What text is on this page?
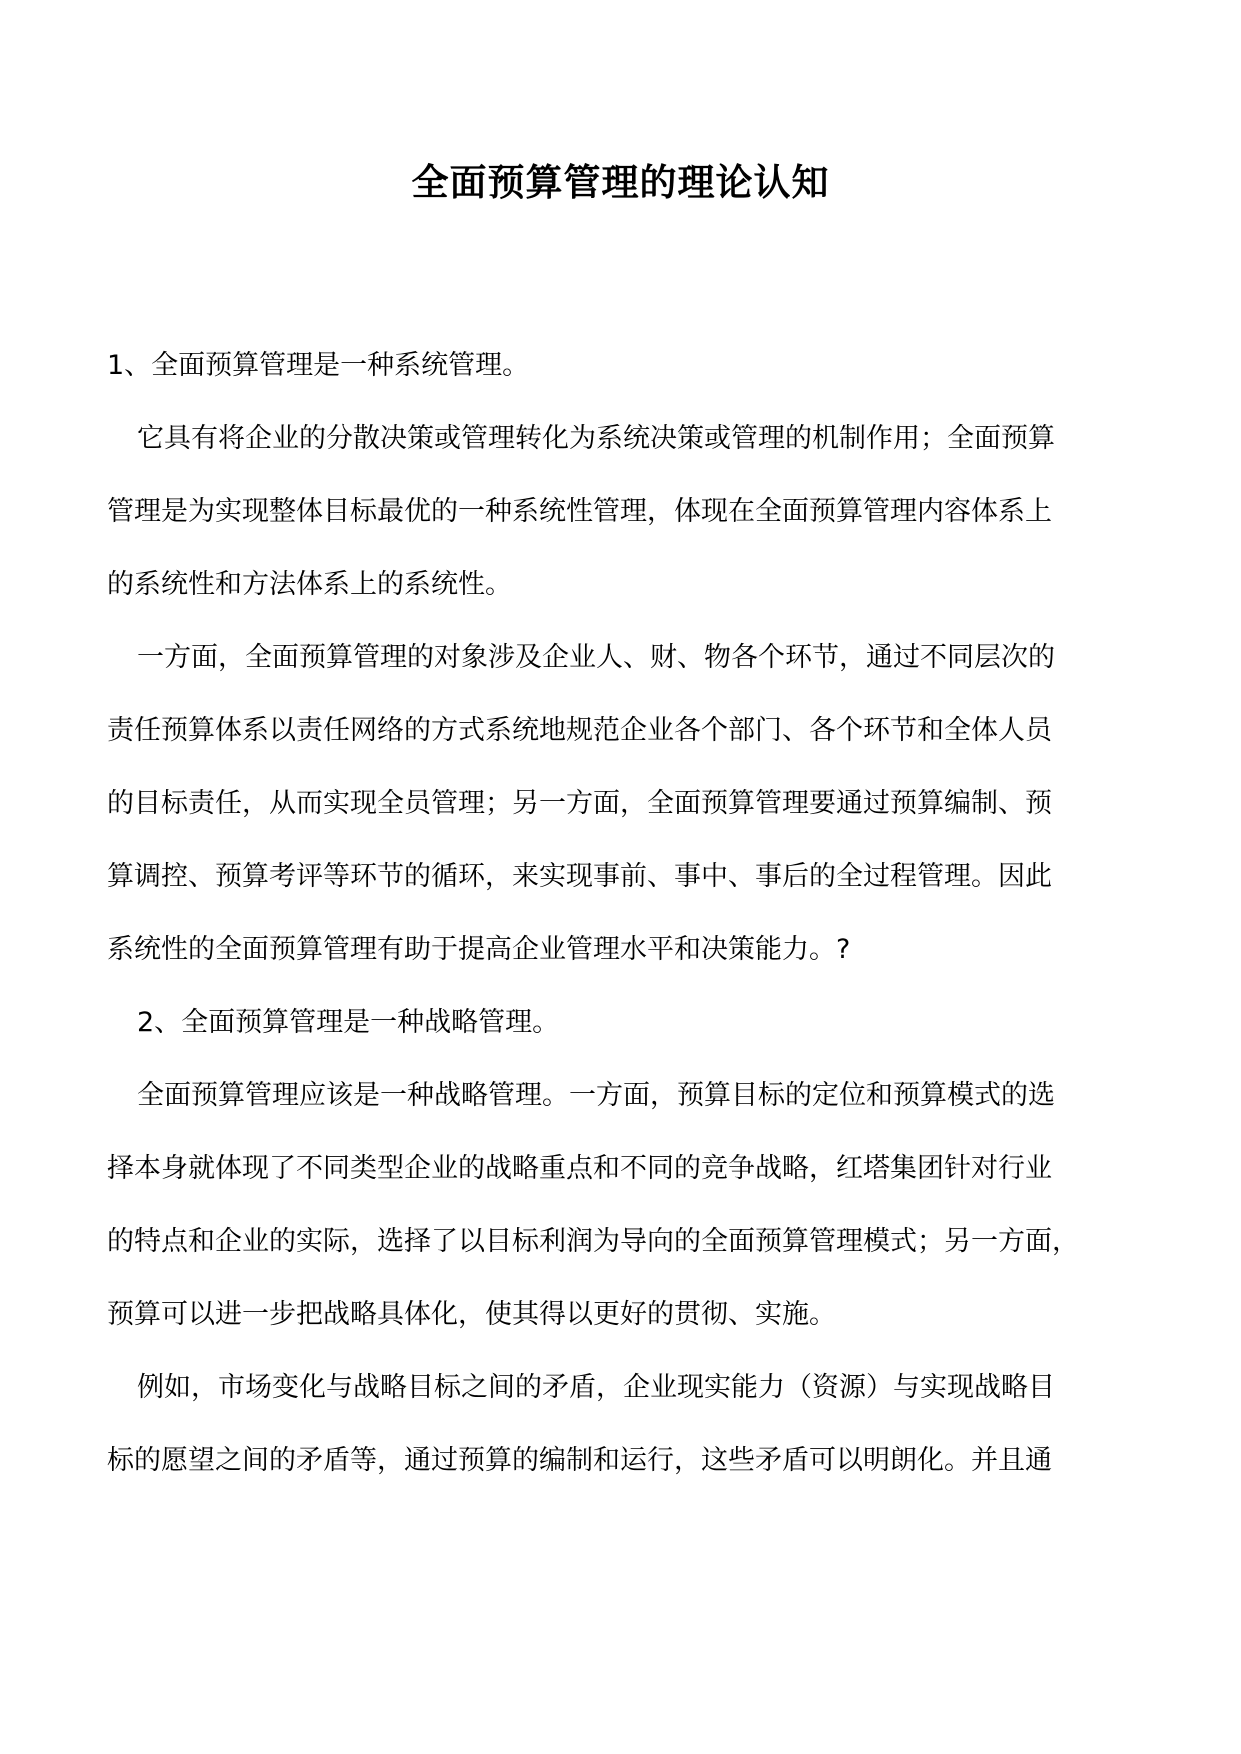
全面预算管理的理论认知

1、全面预算管理是一种系统管理。

它具有将企业的分散决策或管理转化为系统决策或管理的机制作用；全面预算

管理是为实现整体目标最优的一种系统性管理，体现在全面预算管理内容体系上

的系统性和方法体系上的系统性。

一方面，全面预算管理的对象涉及企业人、财、物各个环节，通过不同层次的

责任预算体系以责任网络的方式系统地规范企业各个部门、各个环节和全体人员

的目标责任，从而实现全员管理；另一方面，全面预算管理要通过预算编制、预

算调控、预算考评等环节的循环，来实现事前、事中、事后的全过程管理。因此

系统性的全面预算管理有助于提高企业管理水平和决策能力。?

2、全面预算管理是一种战略管理。

全面预算管理应该是一种战略管理。一方面，预算目标的定位和预算模式的选

择本身就体现了不同类型企业的战略重点和不同的竞争战略，红塔集团针对行业

的特点和企业的实际，选择了以目标利润为导向的全面预算管理模式；另一方面，

预算可以进一步把战略具体化，使其得以更好的贯彻、实施。

例如，市场变化与战略目标之间的矛盾，企业现实能力（资源）与实现战略目

标的愿望之间的矛盾等，通过预算的编制和运行，这些矛盾可以明朗化。并且通
